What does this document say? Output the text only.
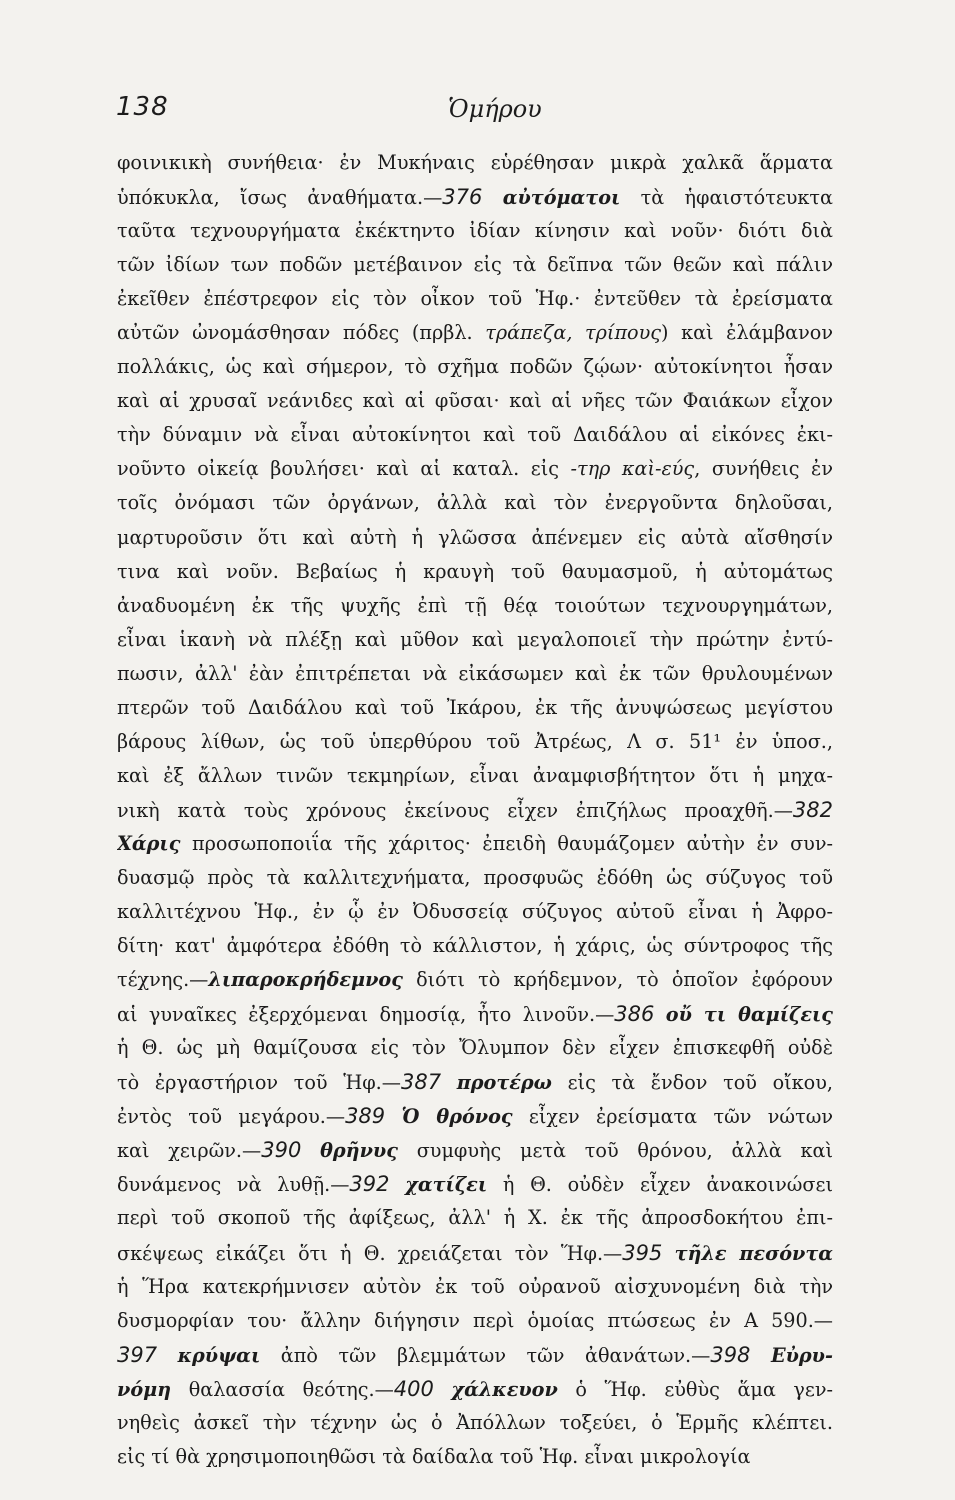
138	Ὁμήρου
φοινικικὴ συνήθεια· ἐν Μυκήναις εὑρέθησαν μικρὰ χαλκᾶ ἅρματα
ὑπόκυκλα, ἴσως ἀναθήματα.—376 αὐτόματοι τὰ ἡφαιστότευκτα
ταῦτα τεχνουργήματα ἐκέκτηντο ἰδίαν κίνησιν καὶ νοῦν· διότι διὰ
τῶν ἰδίων των ποδῶν μετέβαινον εἰς τὰ δεῖπνα τῶν θεῶν καὶ πάλιν
ἐκεῖθεν ἐπέστρεφον εἰς τὸν οἶκον τοῦ Ἡφ.· ἐντεῦθεν τὰ ἐρείσματα
αὐτῶν ὠνομάσθησαν πόδες (πρβλ. τράπεζα, τρίπους) καὶ ἐλάμβανον
πολλάκις, ὡς καὶ σήμερον, τὸ σχῆμα ποδῶν ζῴων· αὐτοκίνητοι ἦσαν
καὶ αἱ χρυσαῖ νεάνιδες καὶ αἱ φῦσαι· καὶ αἱ νῆες τῶν Φαιάκων εἶχον
τὴν δύναμιν νὰ εἶναι αὐτοκίνητοι καὶ τοῦ Δαιδάλου αἱ εἰκόνες ἐκι-
νοῦντο οἰκείᾳ βουλήσει· καὶ αἱ καταλ. εἰς -τηρ καὶ-εύς, συνήθεις ἐν
τοῖς ὀνόμασι τῶν ὀργάνων, ἀλλὰ καὶ τὸν ἐνεργοῦντα δηλοῦσαι,
μαρτυροῦσιν ὅτι καὶ αὐτὴ ἡ γλῶσσα ἀπένεμεν εἰς αὐτὰ αἴσθησίν
τινα καὶ νοῦν. Βεβαίως ἡ κραυγὴ τοῦ θαυμασμοῦ, ἡ αὐτομάτως
ἀναδυομένη ἐκ τῆς ψυχῆς ἐπὶ τῇ θέᾳ τοιούτων τεχνουργημάτων,
εἶναι ἱκανὴ νὰ πλέξῃ καὶ μῦθον καὶ μεγαλοποιεῖ τὴν πρώτην ἐντύ-
πωσιν, ἀλλ' ἐὰν ἐπιτρέπεται νὰ εἰκάσωμεν καὶ ἐκ τῶν θρυλουμένων
πτερῶν τοῦ Δαιδάλου καὶ τοῦ Ἰκάρου, ἐκ τῆς ἀνυψώσεως μεγίστου
βάρους λίθων, ὡς τοῦ ὑπερθύρου τοῦ Ἀτρέως, Λ σ. 51¹ ἐν ὑποσ.,
καὶ ἐξ ἄλλων τινῶν τεκμηρίων, εἶναι ἀναμφισβήτητον ὅτι ἡ μηχα-
νικὴ κατὰ τοὺς χρόνους ἐκείνους εἶχεν ἐπιζήλως προαχθῆ.—382
Χάρις προσωποποιΐα τῆς χάριτος· ἐπειδὴ θαυμάζομεν αὐτὴν ἐν συν-
δυασμῷ πρὸς τὰ καλλιτεχνήματα, προσφυῶς ἐδόθη ὡς σύζυγος τοῦ
καλλιτέχνου Ἡφ., ἐν ᾧ ἐν Ὀδυσσείᾳ σύζυγος αὐτοῦ εἶναι ἡ Ἀφρο-
δίτη· κατ' ἀμφότερα ἐδόθη τὸ κάλλιστον, ἡ χάρις, ὡς σύντροφος τῆς
τέχνης.—λιπαροκρήδεμνος διότι τὸ κρήδεμνον, τὸ ὁποῖον ἐφόρουν
αἱ γυναῖκες ἐξερχόμεναι δημοσίᾳ, ἦτο λινοῦν.—386 οὔ τι θαμίζεις
ἡ Θ. ὡς μὴ θαμίζουσα εἰς τὸν Ὄλυμπον δὲν εἶχεν ἐπισκεφθῆ οὐδὲ
τὸ ἐργαστήριον τοῦ Ἡφ.—387 προτέρω εἰς τὰ ἔνδον τοῦ οἴκου,
ἐντὸς τοῦ μεγάρου.—389 Ὁ θρόνος εἶχεν ἐρείσματα τῶν νώτων
καὶ χειρῶν.—390 θρῆνυς συμφυὴς μετὰ τοῦ θρόνου, ἀλλὰ καὶ
δυνάμενος νὰ λυθῇ.—392 χατίζει ἡ Θ. οὐδὲν εἶχεν ἀνακοινώσει
περὶ τοῦ σκοποῦ τῆς ἀφίξεως, ἀλλ' ἡ Χ. ἐκ τῆς ἀπροσδοκήτου ἐπι-
σκέψεως εἰκάζει ὅτι ἡ Θ. χρειάζεται τὸν Ἥφ.—395 τῆλε πεσόντα
ἡ Ἥρα κατεκρήμνισεν αὐτὸν ἐκ τοῦ οὐρανοῦ αἰσχυνομένη διὰ τὴν
δυσμορφίαν του· ἄλλην διήγησιν περὶ ὁμοίας πτώσεως ἐν Α 590.—
397 κρύψαι ἀπὸ τῶν βλεμμάτων τῶν ἀθανάτων.—398 Εὐρυ-
νόμη θαλασσία θεότης.—400 χάλκευον ὁ Ἥφ. εὐθὺς ἅμα γεν-
νηθεὶς ἀσκεῖ τὴν τέχνην ὡς ὁ Ἀπόλλων τοξεύει, ὁ Ἑρμῆς κλέπτει.
εἰς τί θὰ χρησιμοποιηθῶσι τὰ δαίδαλα τοῦ Ἡφ. εἶναι μικρολογία
